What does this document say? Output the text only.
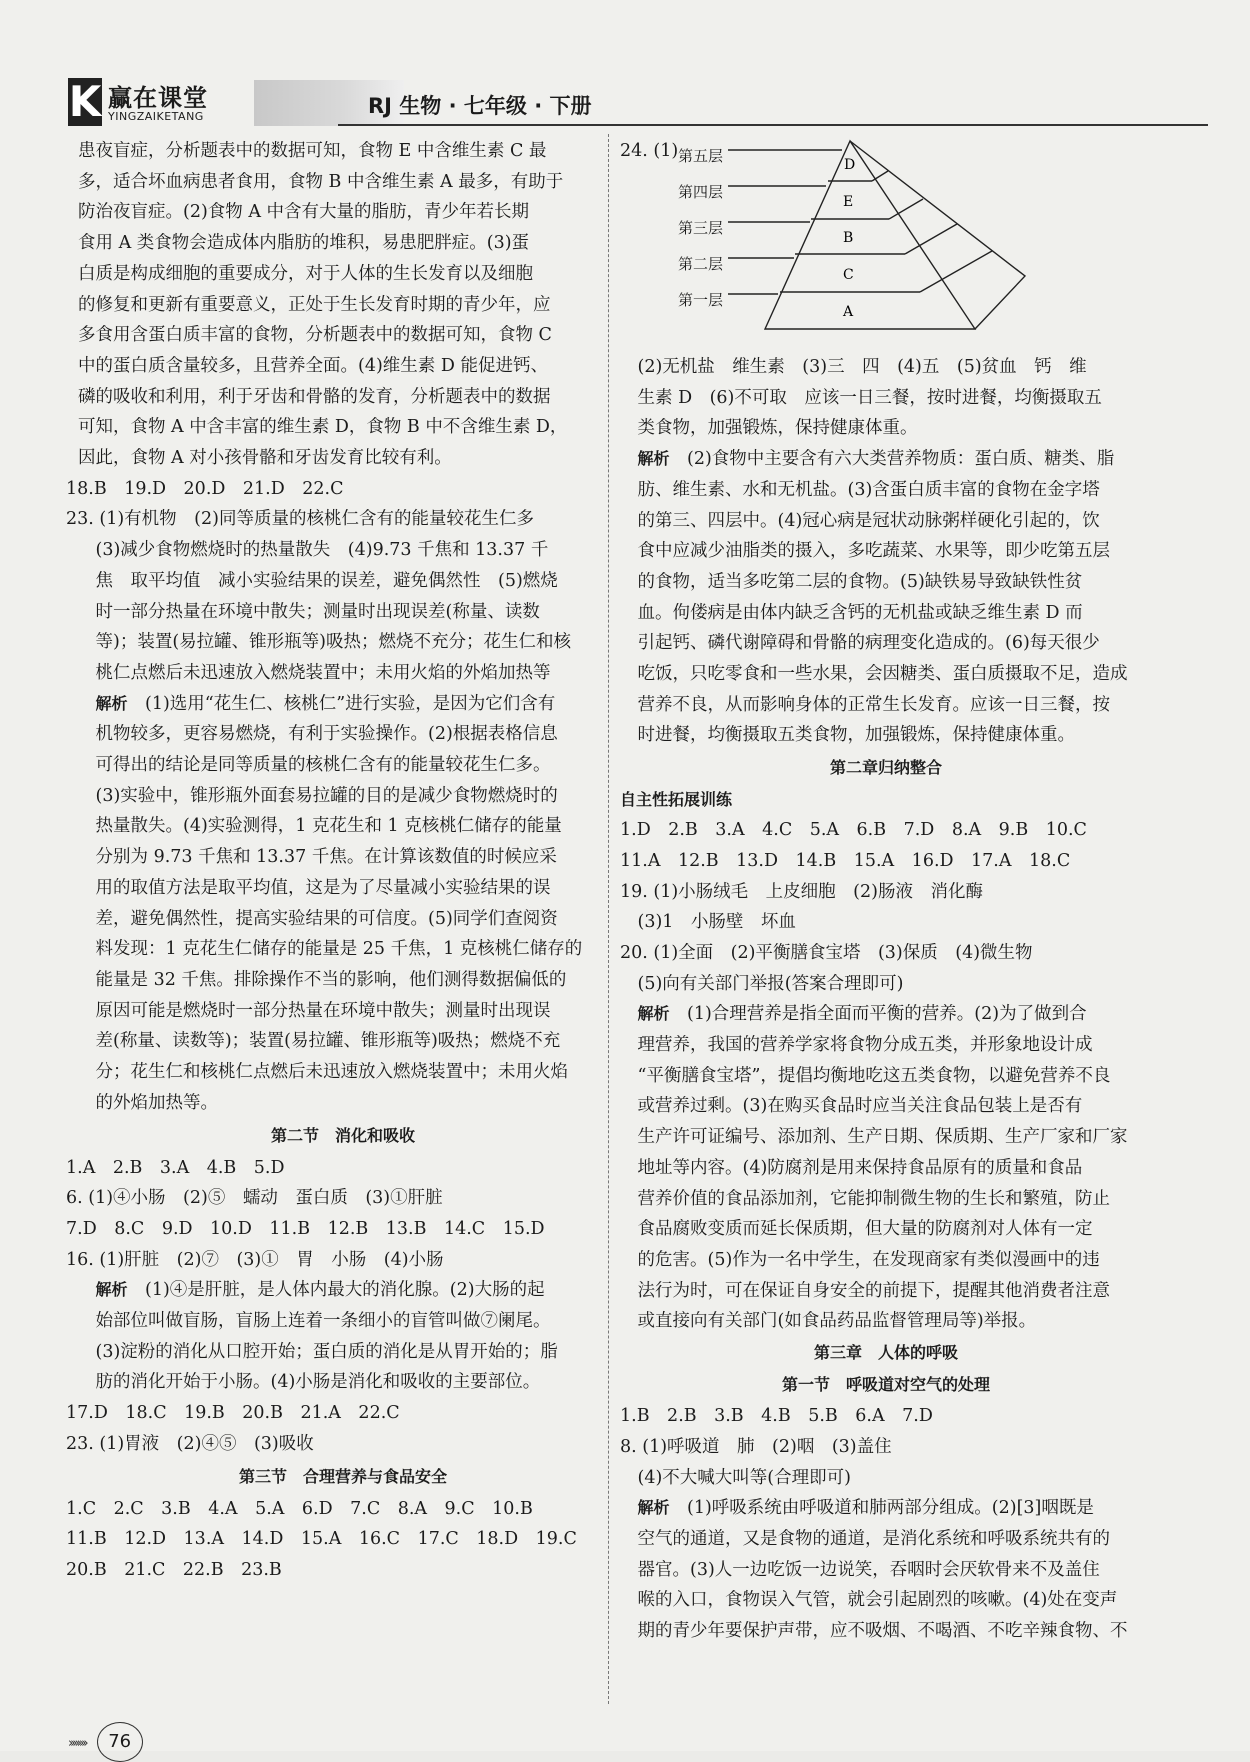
K 赢在课堂
YINGZAIKETANG	RJ 生物 · 七年级 · 下册
患夜盲症，分析题表中的数据可知，食物 E 中含维生素 C 最
多，适合坏血病患者食用，食物 B 中含维生素 A 最多，有助于
防治夜盲症。(2)食物 A 中含有大量的脂肪，青少年若长期
食用 A 类食物会造成体内脂肪的堆积，易患肥胖症。(3)蛋
白质是构成细胞的重要成分，对于人体的生长发育以及细胞
的修复和更新有重要意义，正处于生长发育时期的青少年，应
多食用含蛋白质丰富的食物，分析题表中的数据可知，食物 C
中的蛋白质含量较多，且营养全面。(4)维生素 D 能促进钙、
磷的吸收和利用，利于牙齿和骨骼的发育，分析题表中的数据
可知，食物 A 中含丰富的维生素 D，食物 B 中不含维生素 D，
因此，食物 A 对小孩骨骼和牙齿发育比较有利。
18.B　19.D　20.D　21.D　22.C
23. (1)有机物　(2)同等质量的核桃仁含有的能量较花生仁多
(3)减少食物燃烧时的热量散失　(4)9.73 千焦和 13.37 千
焦　取平均值　减小实验结果的误差，避免偶然性　(5)燃烧
时一部分热量在环境中散失；测量时出现误差(称量、读数
等)；装置(易拉罐、锥形瓶等)吸热；燃烧不充分；花生仁和核
桃仁点燃后未迅速放入燃烧装置中；未用火焰的外焰加热等
解析　 (1)选用“花生仁、核桃仁”进行实验，是因为它们含有
机物较多，更容易燃烧，有利于实验操作。(2)根据表格信息
可得出的结论是同等质量的核桃仁含有的能量较花生仁多。
(3)实验中，锥形瓶外面套易拉罐的目的是减少食物燃烧时的
热量散失。(4)实验测得，1 克花生和 1 克核桃仁储存的能量
分别为 9.73 千焦和 13.37 千焦。在计算该数值的时候应采
用的取值方法是取平均值，这是为了尽量减小实验结果的误
差，避免偶然性，提高实验结果的可信度。(5)同学们查阅资
料发现：1 克花生仁储存的能量是 25 千焦，1 克核桃仁储存的
能量是 32 千焦。排除操作不当的影响，他们测得数据偏低的
原因可能是燃烧时一部分热量在环境中散失；测量时出现误
差(称量、读数等)；装置(易拉罐、锥形瓶等)吸热；燃烧不充
分；花生仁和核桃仁点燃后未迅速放入燃烧装置中；未用火焰
的外焰加热等。
第二节　消化和吸收
1.A　2.B　3.A　4.B　5.D
6. (1)④小肠　(2)⑤　蠕动　蛋白质　(3)①肝脏
7.D　8.C　9.D　10.D　11.B　12.B　13.B　14.C　15.D
16. (1)肝脏　(2)⑦　(3)①　胃　小肠　(4)小肠
解析　 (1)④是肝脏，是人体内最大的消化腺。(2)大肠的起
始部位叫做盲肠，盲肠上连着一条细小的盲管叫做⑦阑尾。
(3)淀粉的消化从口腔开始；蛋白质的消化是从胃开始的；脂
肪的消化开始于小肠。(4)小肠是消化和吸收的主要部位。
17.D　18.C　19.B　20.B　21.A　22.C
23. (1)胃液　(2)④⑤　(3)吸收
第三节　合理营养与食品安全
1.C　2.C　3.B　4.A　5.A　6.D　7.C　8.A　9.C　10.B
11.B　12.D　13.A　14.D　15.A　16.C　17.C　18.D　19.C
20.B　21.C　22.B　23.B
24. (1) 第五层
第四层
第三层
第二层
第一层
D
E
B
C
A
(2)无机盐　维生素　(3)三　四　(4)五　(5)贫血　钙　维
生素 D　(6)不可取　应该一日三餐，按时进餐，均衡摄取五
类食物，加强锻炼，保持健康体重。
解析　 (2)食物中主要含有六大类营养物质：蛋白质、糖类、脂
肪、维生素、水和无机盐。(3)含蛋白质丰富的食物在金字塔
的第三、四层中。(4)冠心病是冠状动脉粥样硬化引起的，饮
食中应减少油脂类的摄入，多吃蔬菜、水果等，即少吃第五层
的食物，适当多吃第二层的食物。(5)缺铁易导致缺铁性贫
血。佝偻病是由体内缺乏含钙的无机盐或缺乏维生素 D 而
引起钙、磷代谢障碍和骨骼的病理变化造成的。(6)每天很少
吃饭，只吃零食和一些水果，会因糖类、蛋白质摄取不足，造成
营养不良，从而影响身体的正常生长发育。应该一日三餐，按
时进餐，均衡摄取五类食物，加强锻炼，保持健康体重。
第二章归纳整合
自主性拓展训练
1.D　2.B　3.A　4.C　5.A　6.B　7.D　8.A　9.B　10.C
11.A　12.B　13.D　14.B　15.A　16.D　17.A　18.C
19. (1)小肠绒毛　上皮细胞　(2)肠液　消化酶
(3)1　小肠壁　坏血
20. (1)全面　(2)平衡膳食宝塔　(3)保质　(4)微生物
(5)向有关部门举报(答案合理即可)
解析　 (1)合理营养是指全面而平衡的营养。(2)为了做到合
理营养，我国的营养学家将食物分成五类，并形象地设计成
“平衡膳食宝塔”，提倡均衡地吃这五类食物，以避免营养不良
或营养过剩。(3)在购买食品时应当关注食品包装上是否有
生产许可证编号、添加剂、生产日期、保质期、生产厂家和厂家
地址等内容。(4)防腐剂是用来保持食品原有的质量和食品
营养价值的食品添加剂，它能抑制微生物的生长和繁殖，防止
食品腐败变质而延长保质期，但大量的防腐剂对人体有一定
的危害。(5)作为一名中学生，在发现商家有类似漫画中的违
法行为时，可在保证自身安全的前提下，提醒其他消费者注意
或直接向有关部门(如食品药品监督管理局等)举报。
第三章　人体的呼吸
第一节　呼吸道对空气的处理
1.B　2.B　3.B　4.B　5.B　6.A　7.D
8. (1)呼吸道　肺　(2)咽　(3)盖住
(4)不大喊大叫等(合理即可)
解析　 (1)呼吸系统由呼吸道和肺两部分组成。(2)[3]咽既是
空气的通道，又是食物的通道，是消化系统和呼吸系统共有的
器官。(3)人一边吃饭一边说笑，吞咽时会厌软骨来不及盖住
喉的入口，食物误入气管，就会引起剧烈的咳嗽。(4)处在变声
期的青少年要保护声带，应不吸烟、不喝酒、不吃辛辣食物、不
›››››››› 76
